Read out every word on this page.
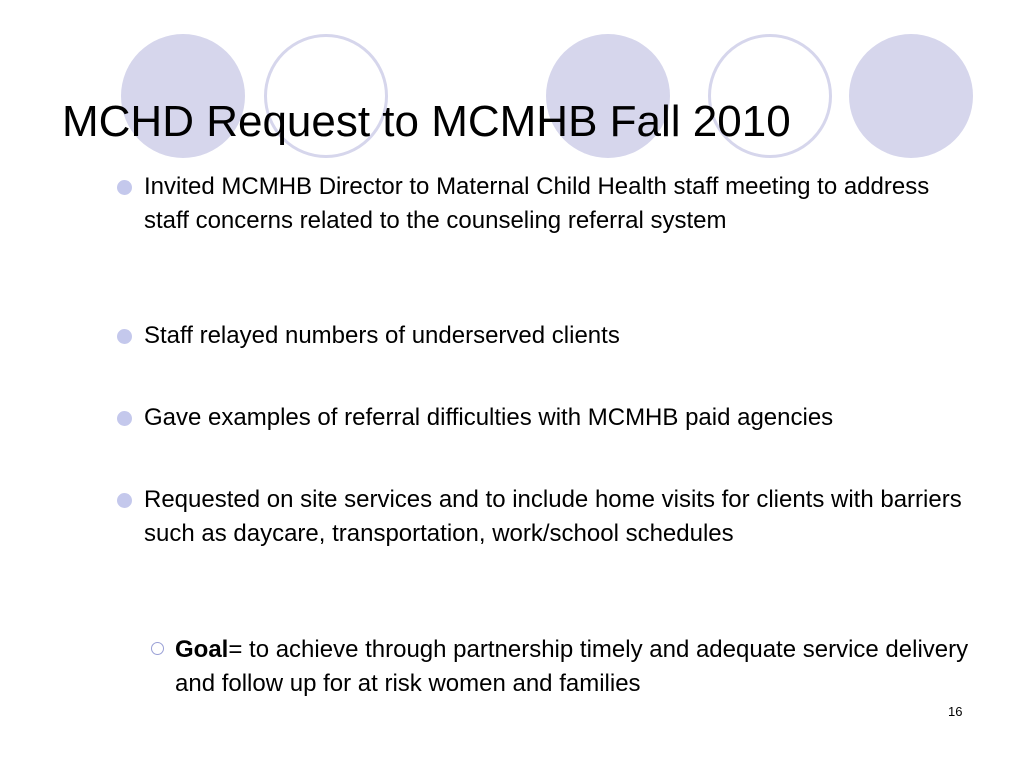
MCHD Request to MCMHB Fall 2010
Invited MCMHB Director to Maternal Child Health staff meeting to address staff concerns related to the counseling referral system
Staff relayed numbers of underserved clients
Gave examples of referral difficulties with MCMHB paid agencies
Requested on site services and to include home visits for clients with barriers such as daycare, transportation, work/school schedules
Goal= to achieve through partnership timely and adequate service delivery and follow up for at risk women and families
16
